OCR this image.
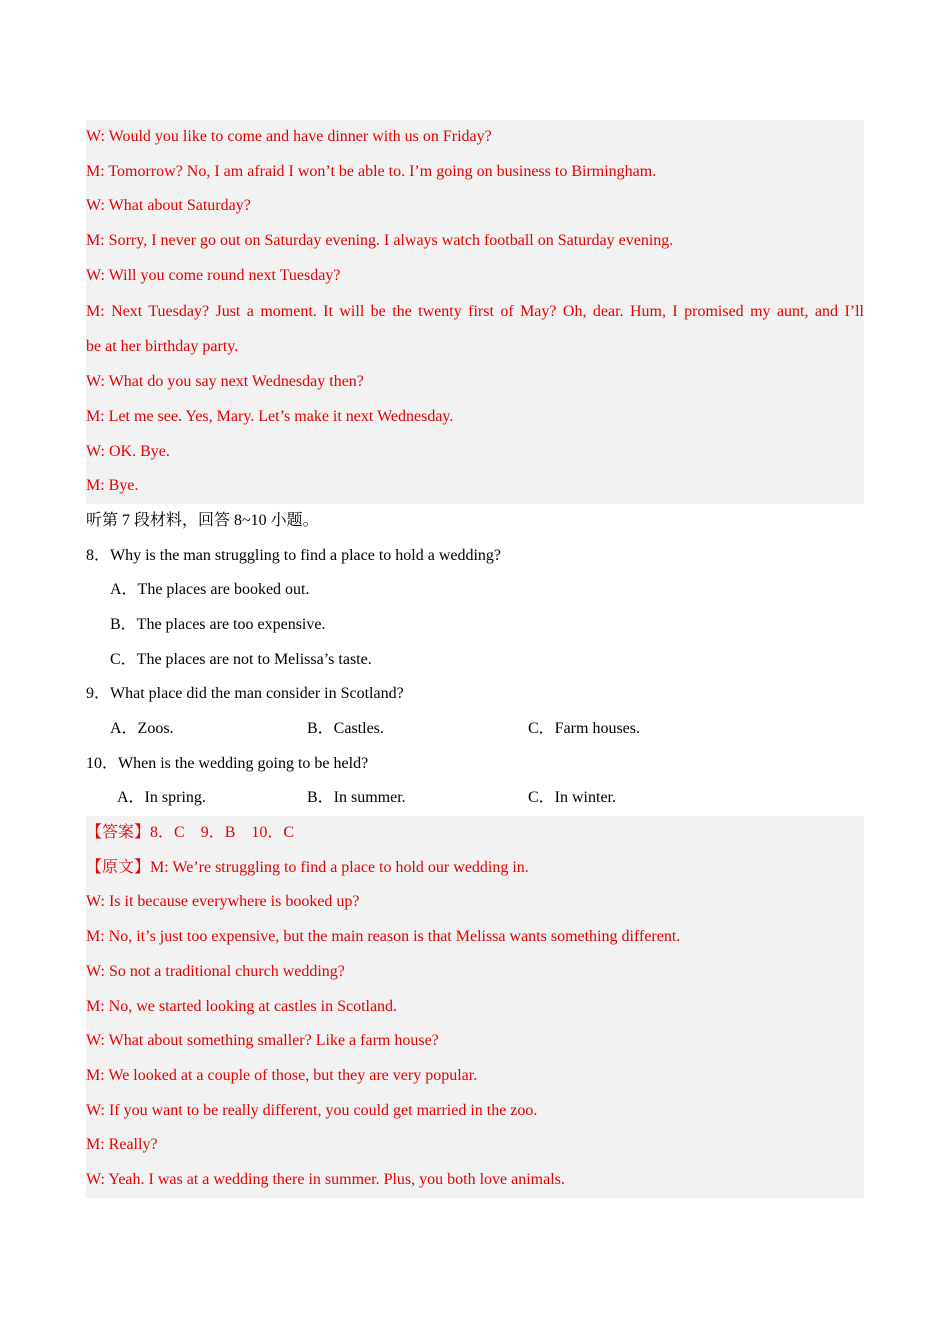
W: Would you like to come and have dinner with us on Friday?
M: Tomorrow? No, I am afraid I won’t be able to. I’m going on business to Birmingham.
W: What about Saturday?
M: Sorry, I never go out on Saturday evening. I always watch football on Saturday evening.
W: Will you come round next Tuesday?
M: Next Tuesday? Just a moment. It will be the twenty first of May? Oh, dear. Hum, I promised my aunt, and I’ll
be at her birthday party.
W: What do you say next Wednesday then?
M: Let me see. Yes, Mary. Let’s make it next Wednesday.
W: OK. Bye.
M: Bye.
听第 7 段材料，回答 8~10 小题。
8．Why is the man struggling to find a place to hold a wedding?
A．The places are booked out.
B．The places are too expensive.
C．The places are not to Melissa’s taste.
9．What place did the man consider in Scotland?
A．Zoos.	B．Castles.	C．Farm houses.
10．When is the wedding going to be held?
A．In spring.	B．In summer.	C．In winter.
【答案】8．C　9．B　10．C
【原文】M: We’re struggling to find a place to hold our wedding in.
W: Is it because everywhere is booked up?
M: No, it’s just too expensive, but the main reason is that Melissa wants something different.
W: So not a traditional church wedding?
M: No, we started looking at castles in Scotland.
W: What about something smaller? Like a farm house?
M: We looked at a couple of those, but they are very popular.
W: If you want to be really different, you could get married in the zoo.
M: Really?
W: Yeah. I was at a wedding there in summer. Plus, you both love animals.
